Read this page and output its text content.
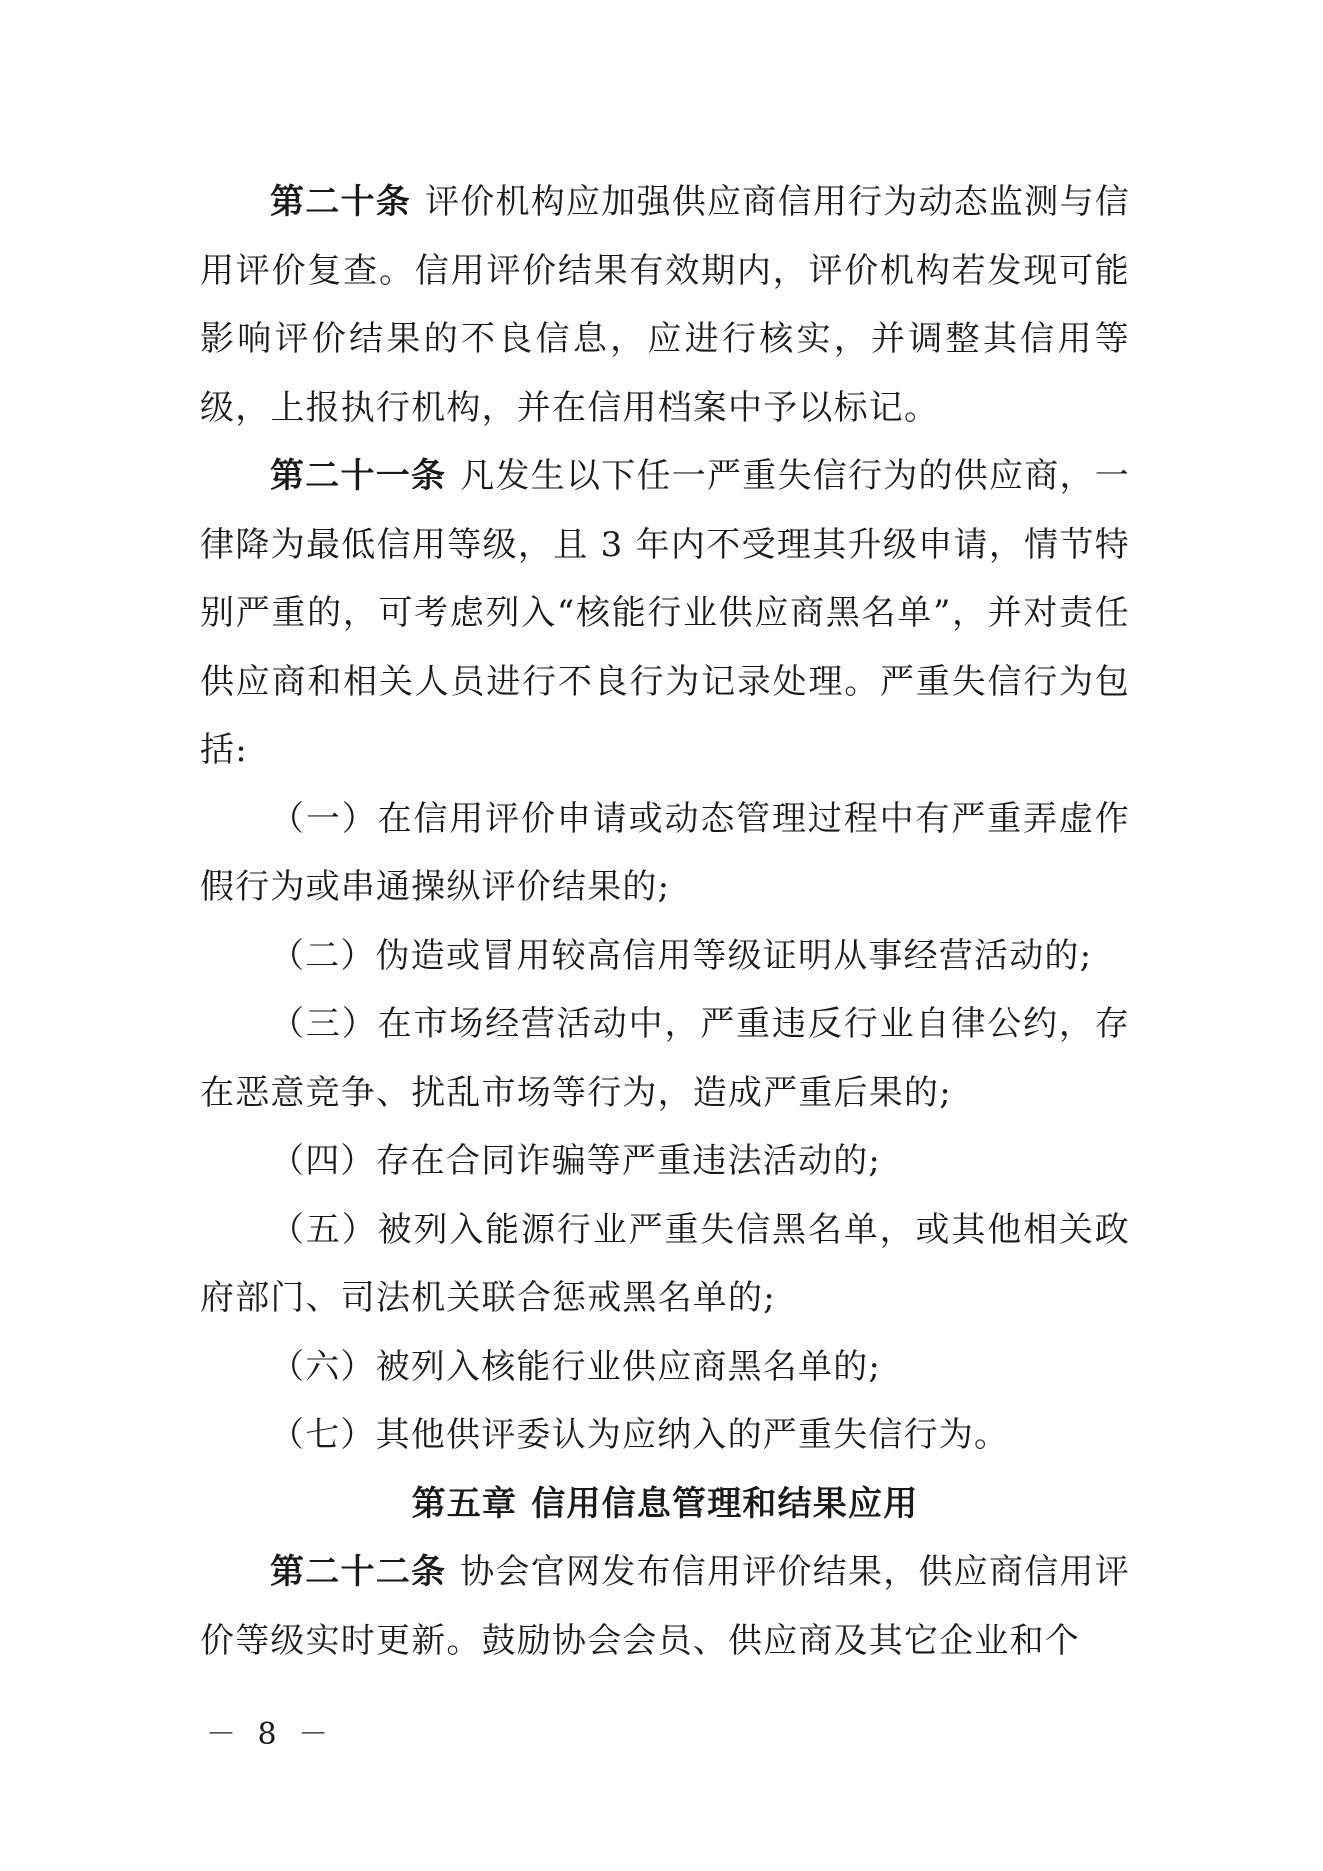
第二十条 评价机构应加强供应商信用行为动态监测与信用评价复查。信用评价结果有效期内，评价机构若发现可能影响评价结果的不良信息，应进行核实，并调整其信用等级，上报执行机构，并在信用档案中予以标记。

第二十一条 凡发生以下任一严重失信行为的供应商，一律降为最低信用等级，且 3 年内不受理其升级申请，情节特别严重的，可考虑列入“核能行业供应商黑名单”，并对责任供应商和相关人员进行不良行为记录处理。严重失信行为包括:

（一）在信用评价申请或动态管理过程中有严重弄虚作假行为或串通操纵评价结果的;

（二）伪造或冒用较高信用等级证明从事经营活动的;

（三）在市场经营活动中，严重违反行业自律公约，存在恶意竞争、扰乱市场等行为，造成严重后果的;

（四）存在合同诈骗等严重违法活动的;

（五）被列入能源行业严重失信黑名单，或其他相关政府部门、司法机关联合惩戒黑名单的;

（六）被列入核能行业供应商黑名单的;

（七）其他供评委认为应纳入的严重失信行为。

第五章 信用信息管理和结果应用

第二十二条 协会官网发布信用评价结果，供应商信用评价等级实时更新。鼓励协会会员、供应商及其它企业和个

－ 8 －
